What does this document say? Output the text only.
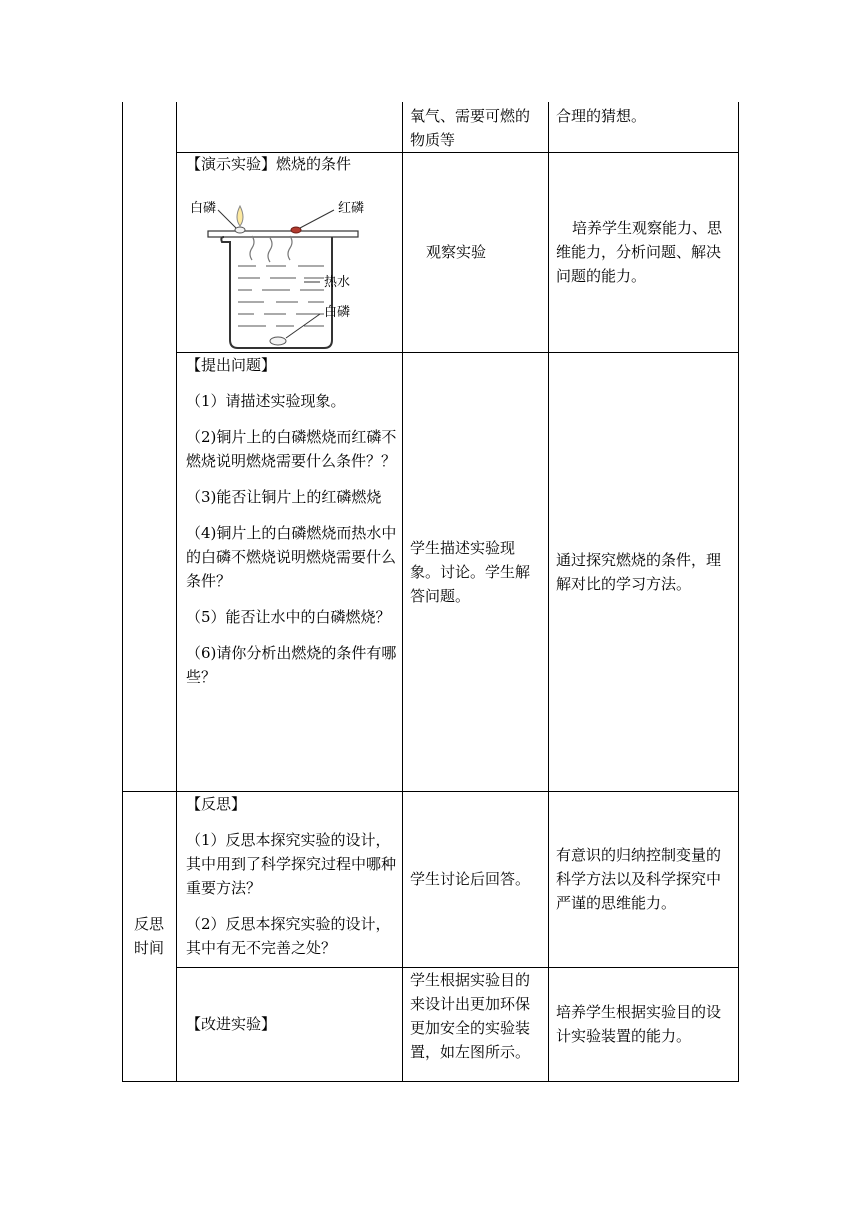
氧气、需要可燃的物质等

合理的猜想。

【演示实验】燃烧的条件

白磷	红磷
热水
白磷

观察实验

培养学生观察能力、思维能力，分析问题、解决问题的能力。

【提出问题】

（1）请描述实验现象。

（2)铜片上的白磷燃烧而红磷不燃烧说明燃烧需要什么条件？？

（3)能否让铜片上的红磷燃烧

（4)铜片上的白磷燃烧而热水中的白磷不燃烧说明燃烧需要什么条件？

（5）能否让水中的白磷燃烧？

（6)请你分析出燃烧的条件有哪些？

学生描述实验现象。讨论。学生解答问题。

通过探究燃烧的条件，理解对比的学习方法。

反思时间

【反思】

（1）反思本探究实验的设计，其中用到了科学探究过程中哪种重要方法？

（2）反思本探究实验的设计，其中有无不完善之处？

学生讨论后回答。

有意识的归纳控制变量的科学方法以及科学探究中严谨的思维能力。

【改进实验】

学生根据实验目的来设计出更加环保更加安全的实验装置，如左图所示。

培养学生根据实验目的设计实验装置的能力。
